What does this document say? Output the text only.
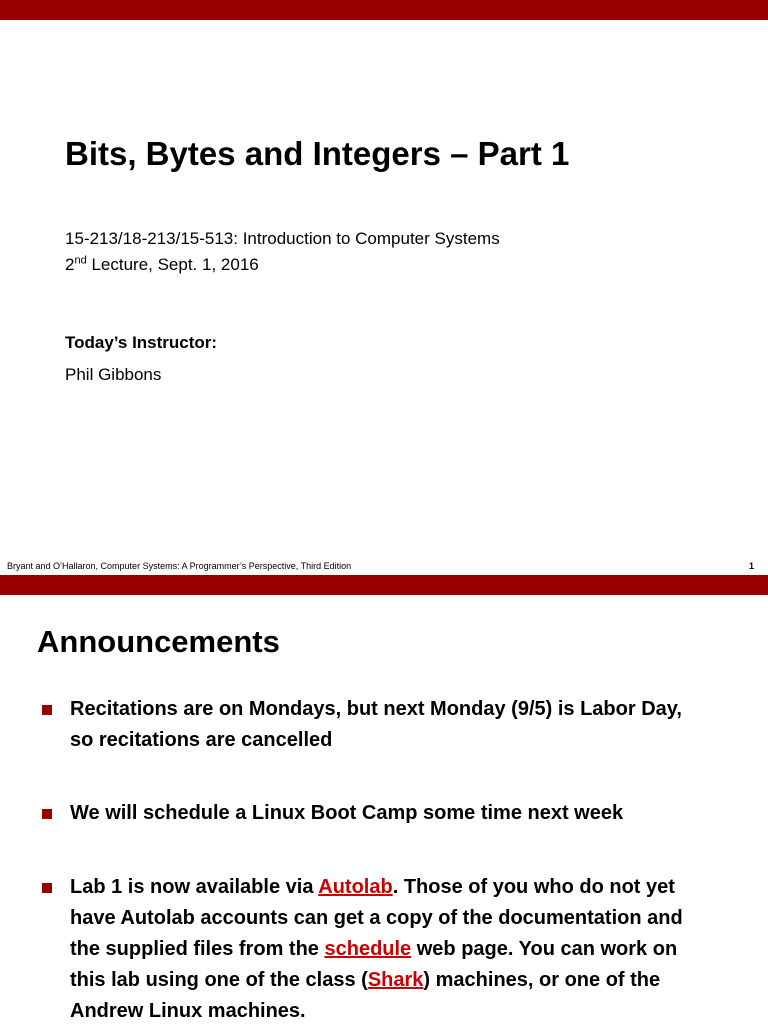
Bits, Bytes and Integers – Part 1
15-213/18-213/15-513: Introduction to Computer Systems
2nd Lecture, Sept. 1, 2016
Today’s Instructor:
Phil Gibbons
Bryant and O’Hallaron, Computer Systems: A Programmer’s Perspective, Third Edition	1
Announcements
Recitations are on Mondays, but next Monday (9/5) is Labor Day, so recitations are cancelled
We will schedule a Linux Boot Camp some time next week
Lab 1 is now available via Autolab. Those of you who do not yet have Autolab accounts can get a copy of the documentation and the supplied files from the schedule web page. You can work on this lab using one of the class (Shark) machines, or one of the Andrew Linux machines.
